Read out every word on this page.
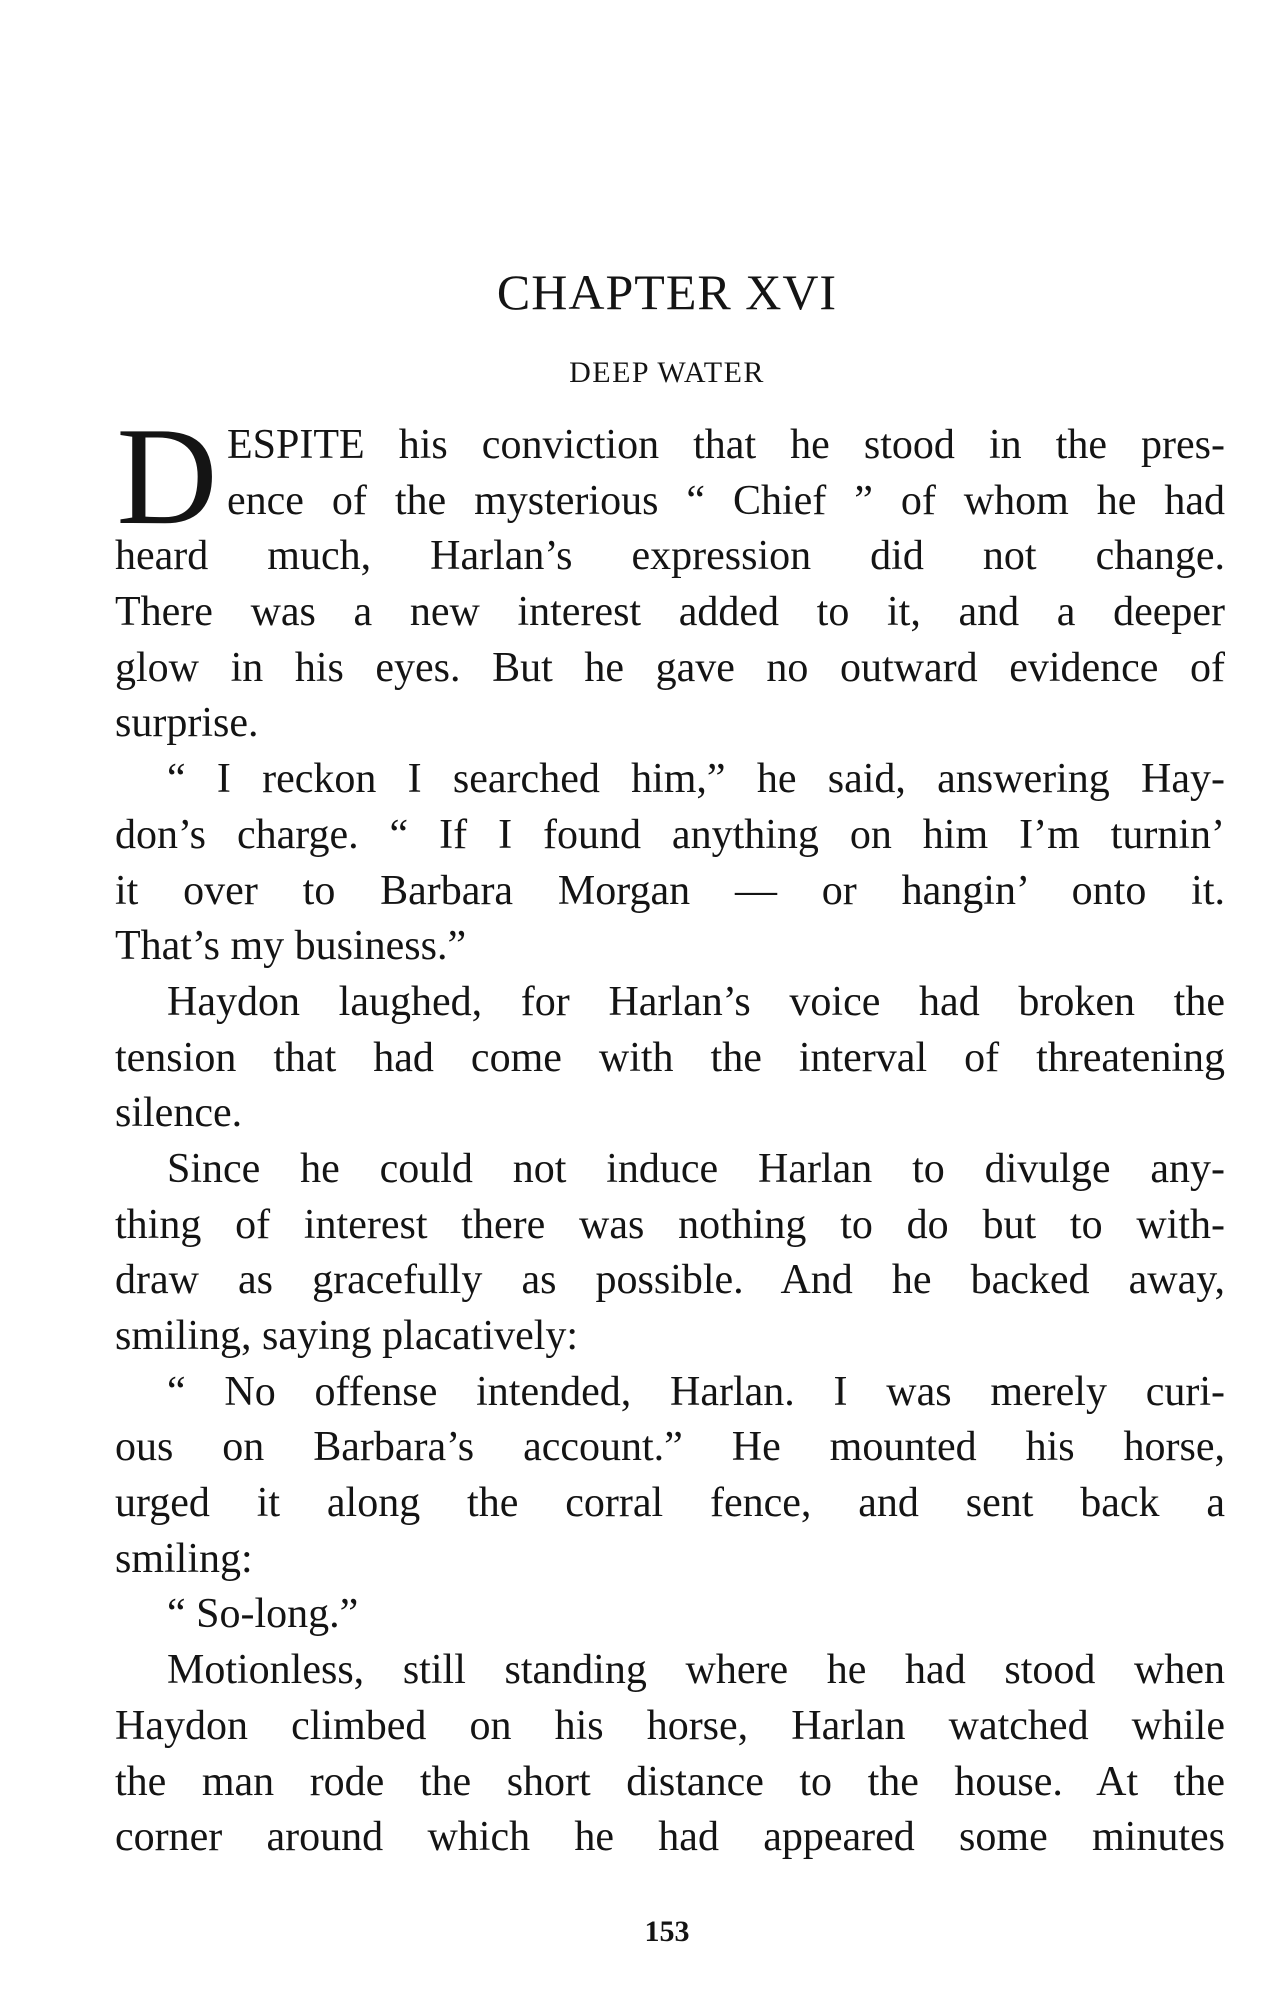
CHAPTER XVI
DEEP WATER
D ESPITE his conviction that he stood in the pres-
ence of the mysterious “ Chief ” of whom he had
heard much, Harlan’s expression did not change.
There was a new interest added to it, and a deeper
glow in his eyes. But he gave no outward evidence of
surprise.
“ I reckon I searched him,” he said, answering Hay-
don’s charge. “ If I found anything on him I’m turnin’
it over to Barbara Morgan — or hangin’ onto it.
That’s my business.”
Haydon laughed, for Harlan’s voice had broken the
tension that had come with the interval of threatening
silence.
Since he could not induce Harlan to divulge any-
thing of interest there was nothing to do but to with-
draw as gracefully as possible. And he backed away,
smiling, saying placatively:
“ No offense intended, Harlan. I was merely curi-
ous on Barbara’s account.” He mounted his horse,
urged it along the corral fence, and sent back a
smiling:
“ So-long.”
Motionless, still standing where he had stood when
Haydon climbed on his horse, Harlan watched while
the man rode the short distance to the house. At the
corner around which he had appeared some minutes
153
